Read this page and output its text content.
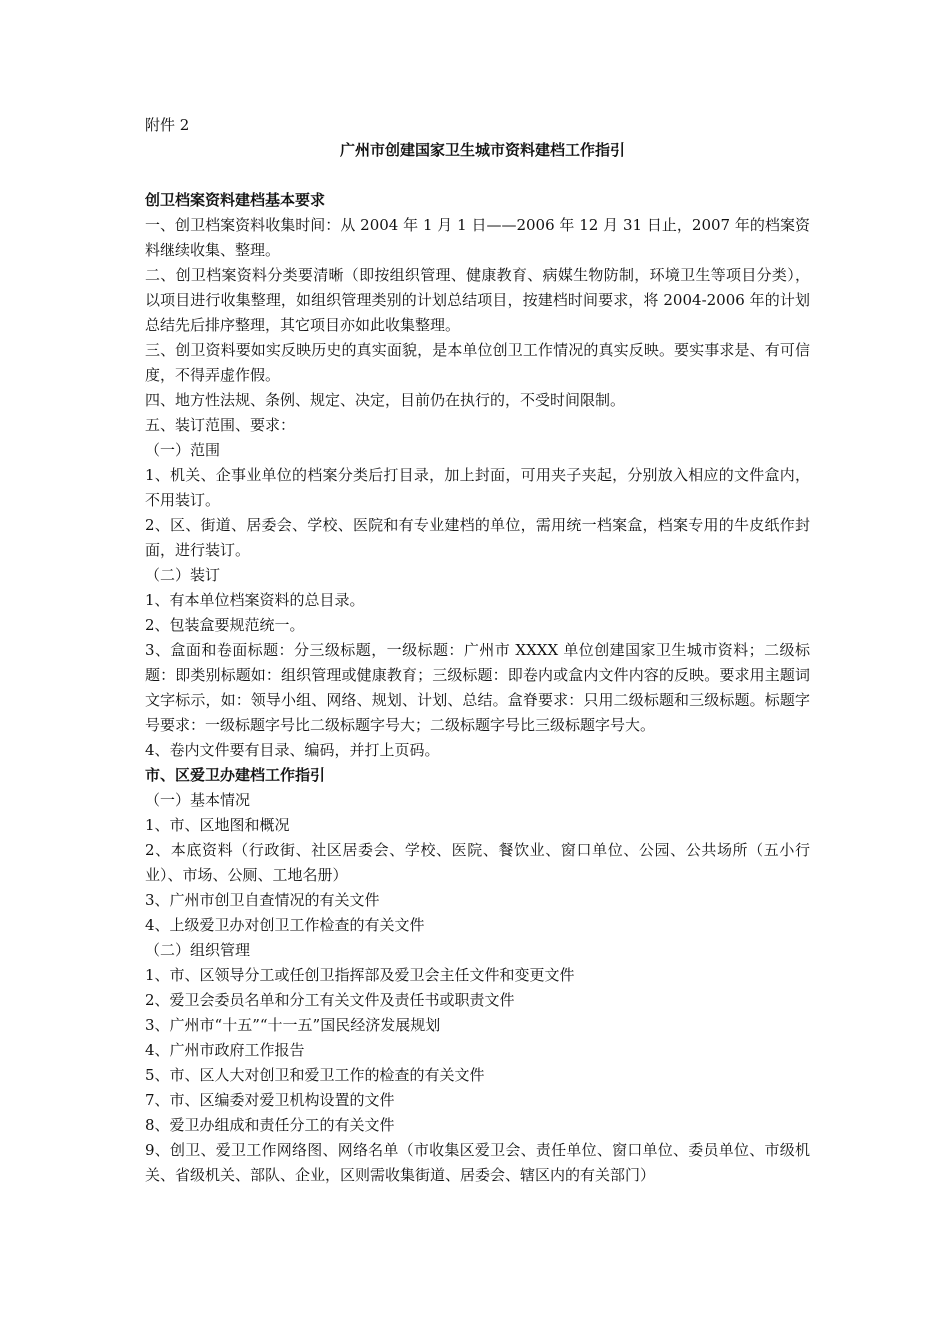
附件 2

广州市创建国家卫生城市资料建档工作指引

创卫档案资料建档基本要求

一、创卫档案资料收集时间：从 2004 年 1 月 1 日——2006 年 12 月 31 日止，2007 年的档案资料继续收集、整理。

二、创卫档案资料分类要清晰（即按组织管理、健康教育、病媒生物防制，环境卫生等项目分类），以项目进行收集整理，如组织管理类别的计划总结项目，按建档时间要求，将 2004-2006 年的计划总结先后排序整理，其它项目亦如此收集整理。

三、创卫资料要如实反映历史的真实面貌，是本单位创卫工作情况的真实反映。要实事求是、有可信度，不得弄虚作假。

四、地方性法规、条例、规定、决定，目前仍在执行的，不受时间限制。

五、装订范围、要求：

（一）范围

1、机关、企事业单位的档案分类后打目录，加上封面，可用夹子夹起，分别放入相应的文件盒内，不用装订。

2、区、街道、居委会、学校、医院和有专业建档的单位，需用统一档案盒，档案专用的牛皮纸作封面，进行装订。

（二）装订

1、有本单位档案资料的总目录。

2、包装盒要规范统一。

3、盒面和卷面标题：分三级标题，一级标题：广州市 XXXX 单位创建国家卫生城市资料；二级标题：即类别标题如：组织管理或健康教育；三级标题：即卷内或盒内文件内容的反映。要求用主题词文字标示，如：领导小组、网络、规划、计划、总结。盒脊要求：只用二级标题和三级标题。标题字号要求：一级标题字号比二级标题字号大；二级标题字号比三级标题字号大。

4、卷内文件要有目录、编码，并打上页码。

市、区爱卫办建档工作指引

（一）基本情况

1、市、区地图和概况

2、本底资料（行政街、社区居委会、学校、医院、餐饮业、窗口单位、公园、公共场所（五小行业）、市场、公厕、工地名册）

3、广州市创卫自查情况的有关文件

4、上级爱卫办对创卫工作检查的有关文件

（二）组织管理

1、市、区领导分工或任创卫指挥部及爱卫会主任文件和变更文件

2、爱卫会委员名单和分工有关文件及责任书或职责文件

3、广州市“十五”“十一五”国民经济发展规划

4、广州市政府工作报告

5、市、区人大对创卫和爱卫工作的检查的有关文件

7、市、区编委对爱卫机构设置的文件

8、爱卫办组成和责任分工的有关文件

9、创卫、爱卫工作网络图、网络名单（市收集区爱卫会、责任单位、窗口单位、委员单位、市级机关、省级机关、部队、企业，区则需收集街道、居委会、辖区内的有关部门）
